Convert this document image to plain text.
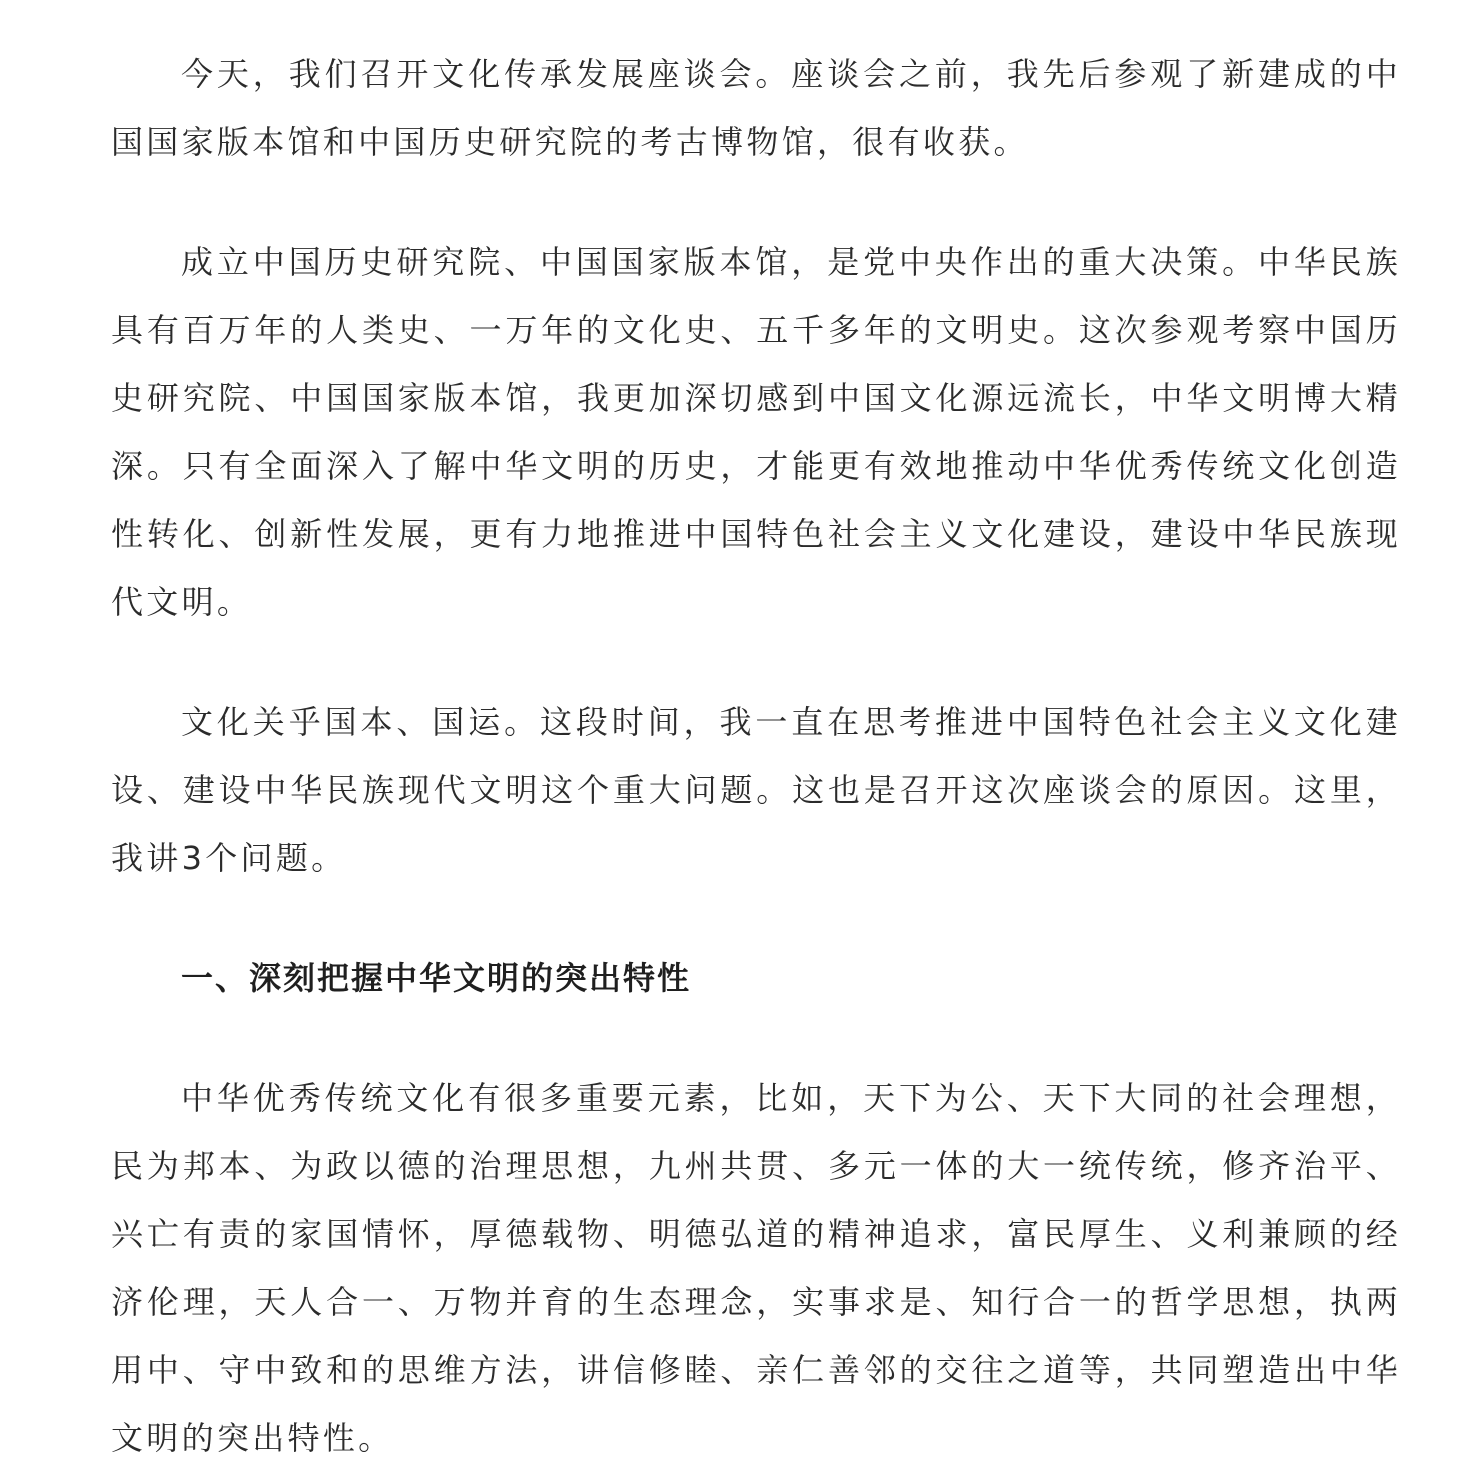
今天，我们召开文化传承发展座谈会。座谈会之前，我先后参观了新建成的中国国家版本馆和中国历史研究院的考古博物馆，很有收获。

成立中国历史研究院、中国国家版本馆，是党中央作出的重大决策。中华民族具有百万年的人类史、一万年的文化史、五千多年的文明史。这次参观考察中国历史研究院、中国国家版本馆，我更加深切感到中国文化源远流长，中华文明博大精深。只有全面深入了解中华文明的历史，才能更有效地推动中华优秀传统文化创造性转化、创新性发展，更有力地推进中国特色社会主义文化建设，建设中华民族现代文明。

文化关乎国本、国运。这段时间，我一直在思考推进中国特色社会主义文化建设、建设中华民族现代文明这个重大问题。这也是召开这次座谈会的原因。这里，我讲3个问题。

一、深刻把握中华文明的突出特性

中华优秀传统文化有很多重要元素，比如，天下为公、天下大同的社会理想，民为邦本、为政以德的治理思想，九州共贯、多元一体的大一统传统，修齐治平、兴亡有责的家国情怀，厚德载物、明德弘道的精神追求，富民厚生、义利兼顾的经济伦理，天人合一、万物并育的生态理念，实事求是、知行合一的哲学思想，执两用中、守中致和的思维方法，讲信修睦、亲仁善邻的交往之道等，共同塑造出中华文明的突出特性。
